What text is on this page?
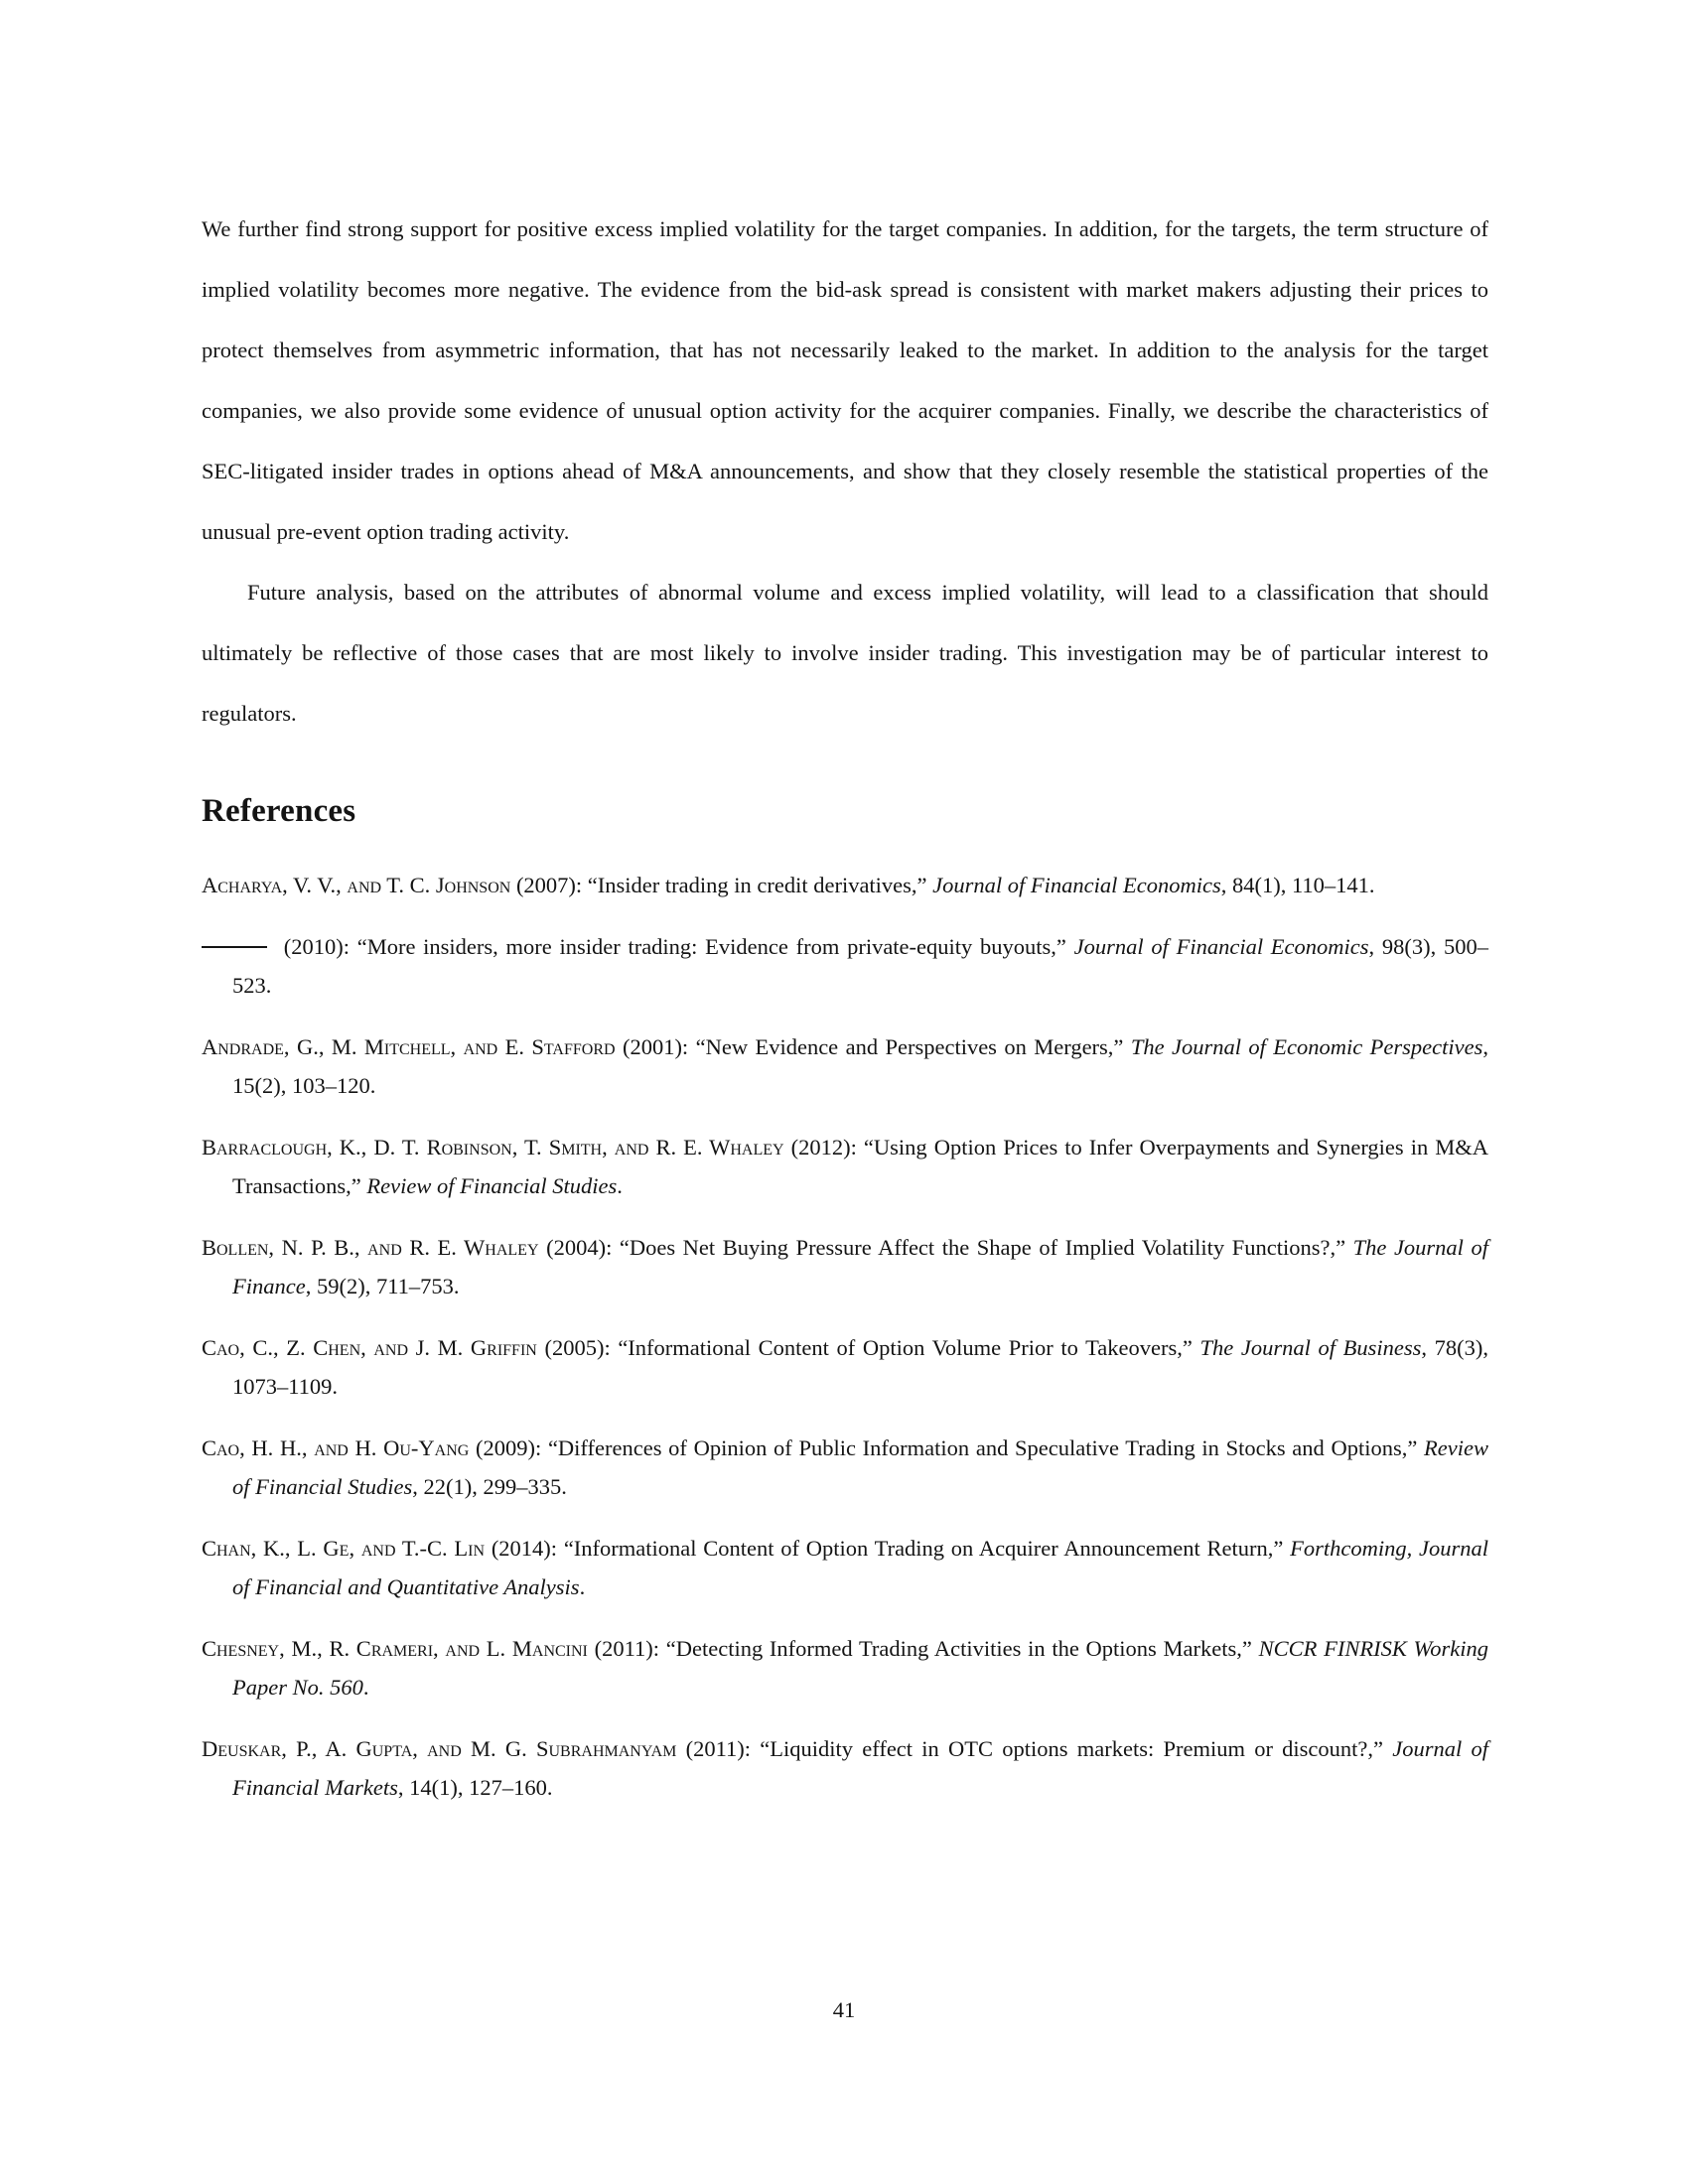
We further find strong support for positive excess implied volatility for the target companies. In addition, for the targets, the term structure of implied volatility becomes more negative. The evidence from the bid-ask spread is consistent with market makers adjusting their prices to protect themselves from asymmetric information, that has not necessarily leaked to the market. In addition to the analysis for the target companies, we also provide some evidence of unusual option activity for the acquirer companies. Finally, we describe the characteristics of SEC-litigated insider trades in options ahead of M&A announcements, and show that they closely resemble the statistical properties of the unusual pre-event option trading activity.

Future analysis, based on the attributes of abnormal volume and excess implied volatility, will lead to a classification that should ultimately be reflective of those cases that are most likely to involve insider trading. This investigation may be of particular interest to regulators.

References

Acharya, V. V., and T. C. Johnson (2007): “Insider trading in credit derivatives,” Journal of Financial Economics, 84(1), 110–141.

(2010): “More insiders, more insider trading: Evidence from private-equity buyouts,” Journal of Financial Economics, 98(3), 500–523.

Andrade, G., M. Mitchell, and E. Stafford (2001): “New Evidence and Perspectives on Mergers,” The Journal of Economic Perspectives, 15(2), 103–120.

Barraclough, K., D. T. Robinson, T. Smith, and R. E. Whaley (2012): “Using Option Prices to Infer Overpayments and Synergies in M&A Transactions,” Review of Financial Studies.

Bollen, N. P. B., and R. E. Whaley (2004): “Does Net Buying Pressure Affect the Shape of Implied Volatility Functions?,” The Journal of Finance, 59(2), 711–753.

Cao, C., Z. Chen, and J. M. Griffin (2005): “Informational Content of Option Volume Prior to Takeovers,” The Journal of Business, 78(3), 1073–1109.

Cao, H. H., and H. Ou-Yang (2009): “Differences of Opinion of Public Information and Speculative Trading in Stocks and Options,” Review of Financial Studies, 22(1), 299–335.

Chan, K., L. Ge, and T.-C. Lin (2014): “Informational Content of Option Trading on Acquirer Announcement Return,” Forthcoming, Journal of Financial and Quantitative Analysis.

Chesney, M., R. Crameri, and L. Mancini (2011): “Detecting Informed Trading Activities in the Options Markets,” NCCR FINRISK Working Paper No. 560.

Deuskar, P., A. Gupta, and M. G. Subrahmanyam (2011): “Liquidity effect in OTC options markets: Premium or discount?,” Journal of Financial Markets, 14(1), 127–160.

41
